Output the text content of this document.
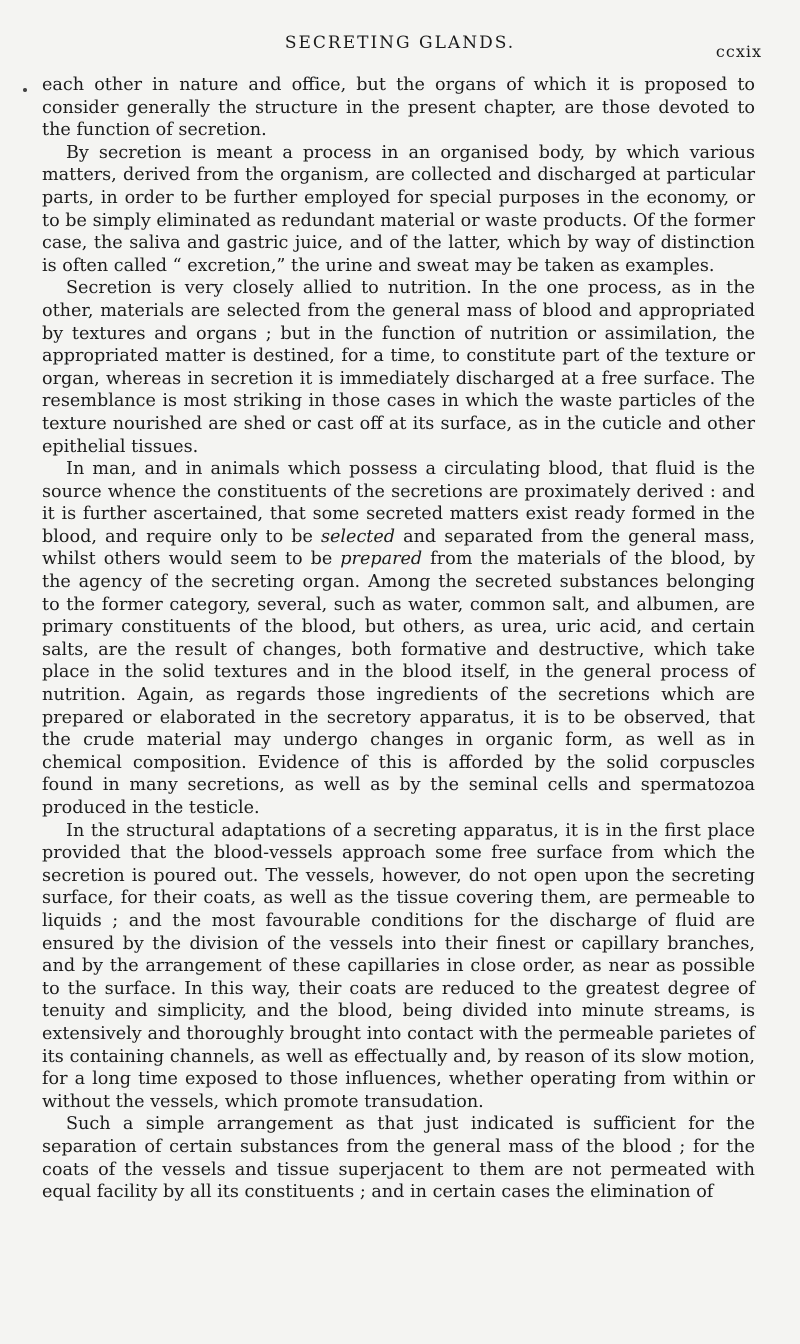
SECRETING GLANDS.	ccxix

each other in nature and office, but the organs of which it is proposed to consider generally the structure in the present chapter, are those devoted to the function of secretion.

By secretion is meant a process in an organised body, by which various matters, derived from the organism, are collected and discharged at particular parts, in order to be further employed for special purposes in the economy, or to be simply eliminated as redundant material or waste products. Of the former case, the saliva and gastric juice, and of the latter, which by way of distinction is often called “ excretion,” the urine and sweat may be taken as examples.

Secretion is very closely allied to nutrition. In the one process, as in the other, materials are selected from the general mass of blood and appropriated by textures and organs ; but in the function of nutrition or assimilation, the appropriated matter is destined, for a time, to constitute part of the texture or organ, whereas in secretion it is immediately discharged at a free surface. The resemblance is most striking in those cases in which the waste particles of the texture nourished are shed or cast off at its surface, as in the cuticle and other epithelial tissues.

In man, and in animals which possess a circulating blood, that fluid is the source whence the constituents of the secretions are proximately derived : and it is further ascertained, that some secreted matters exist ready formed in the blood, and require only to be selected and separated from the general mass, whilst others would seem to be prepared from the materials of the blood, by the agency of the secreting organ. Among the secreted substances belonging to the former category, several, such as water, common salt, and albumen, are primary constituents of the blood, but others, as urea, uric acid, and certain salts, are the result of changes, both formative and destructive, which take place in the solid textures and in the blood itself, in the general process of nutrition. Again, as regards those ingredients of the secretions which are prepared or elaborated in the secretory apparatus, it is to be observed, that the crude material may undergo changes in organic form, as well as in chemical composition. Evidence of this is afforded by the solid corpuscles found in many secretions, as well as by the seminal cells and spermatozoa produced in the testicle.

In the structural adaptations of a secreting apparatus, it is in the first place provided that the blood-vessels approach some free surface from which the secretion is poured out. The vessels, however, do not open upon the secreting surface, for their coats, as well as the tissue covering them, are permeable to liquids ; and the most favourable conditions for the discharge of fluid are ensured by the division of the vessels into their finest or capillary branches, and by the arrangement of these capillaries in close order, as near as possible to the surface. In this way, their coats are reduced to the greatest degree of tenuity and simplicity, and the blood, being divided into minute streams, is extensively and thoroughly brought into contact with the permeable parietes of its containing channels, as well as effectually and, by reason of its slow motion, for a long time exposed to those influences, whether operating from within or without the vessels, which promote transudation.

Such a simple arrangement as that just indicated is sufficient for the separation of certain substances from the general mass of the blood ; for the coats of the vessels and tissue superjacent to them are not permeated with equal facility by all its constituents ; and in certain cases the elimination of
